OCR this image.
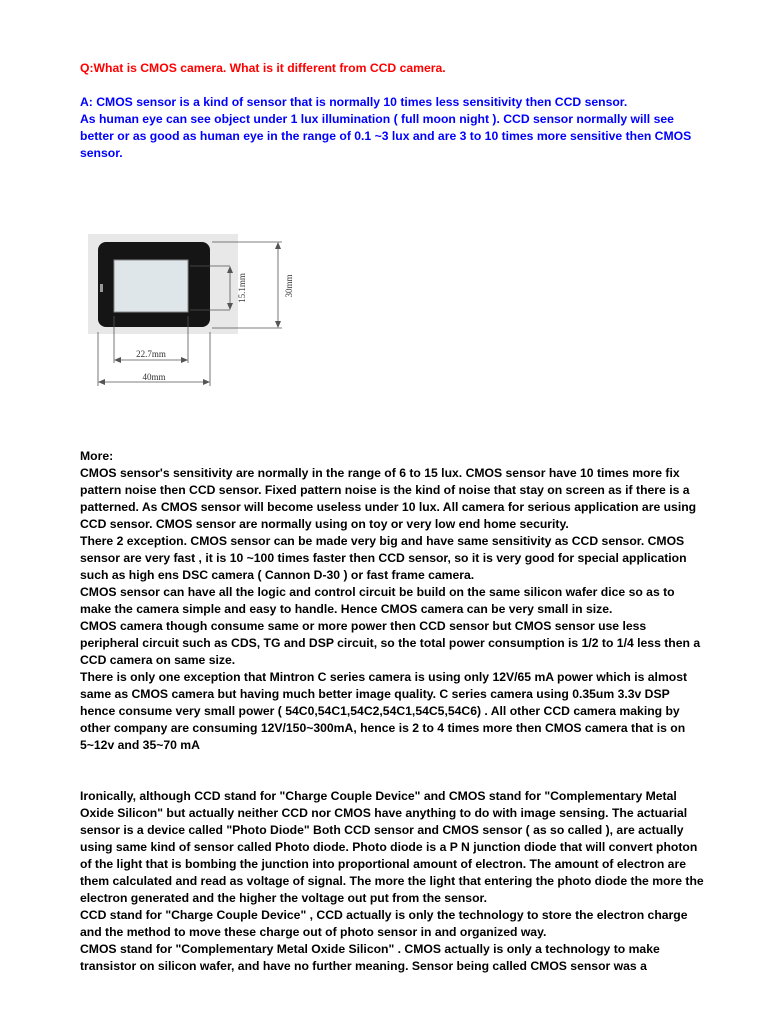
Q:What is CMOS camera. What is it different from CCD camera.

A: CMOS sensor is a kind of sensor that is normally 10 times less sensitivity then CCD sensor.

As human eye can see object under 1 lux illumination ( full moon night ). CCD sensor normally will see

better or as good as human eye in the range of 0.1 ~3 lux and are 3 to 10 times more sensitive then CMOS

sensor.

22.7mm
40mm
15.1mm	30mm

More:

CMOS sensor's sensitivity are normally in the range of 6 to 15 lux. CMOS sensor have 10 times more fix

pattern noise then CCD sensor. Fixed pattern noise is the kind of noise that stay on screen as if there is a

patterned. As CMOS sensor will become useless under 10 lux. All camera for serious application are using

CCD sensor. CMOS sensor are normally using on toy or very low end home security.

There 2 exception. CMOS sensor can be made very big and have same sensitivity as CCD sensor. CMOS

sensor are very fast , it is 10 ~100 times faster then CCD sensor, so it is very good for special application

such as high ens DSC camera ( Cannon D-30 ) or fast frame camera.

CMOS sensor can have all the logic and control circuit be build on the same silicon wafer dice so as to

make the camera simple and easy to handle. Hence CMOS camera can be very small in size.

CMOS camera though consume same or more power then CCD sensor but CMOS sensor use less

peripheral circuit such as CDS, TG and DSP circuit, so the total power consumption is 1/2 to 1/4 less then a

CCD camera on same size.

There is only one exception that Mintron C series camera is using only 12V/65 mA power which is almost

same as CMOS camera but having much better image quality. C series camera using 0.35um 3.3v DSP

hence consume very small power ( 54C0,54C1,54C2,54C1,54C5,54C6) . All other CCD camera making by

other company are consuming 12V/150~300mA, hence is 2 to 4 times more then CMOS camera that is on

5~12v and 35~70 mA

Ironically, although CCD stand for "Charge Couple Device" and CMOS stand for "Complementary Metal

Oxide Silicon" but actually neither CCD nor CMOS have anything to do with image sensing. The actuarial

sensor is a device called "Photo Diode" Both CCD sensor and CMOS sensor ( as so called ), are actually

using same kind of sensor called Photo diode. Photo diode is a P N junction diode that will convert photon

of the light that is bombing the junction into proportional amount of electron. The amount of electron are

them calculated and read as voltage of signal. The more the light that entering the photo diode the more the

electron generated and the higher the voltage out put from the sensor.

CCD stand for "Charge Couple Device" , CCD actually is only the technology to store the electron charge

and the method to move these charge out of photo sensor in and organized way.

CMOS stand for "Complementary Metal Oxide Silicon" . CMOS actually is only a technology to make

transistor on silicon wafer, and have no further meaning. Sensor being called CMOS sensor was a
